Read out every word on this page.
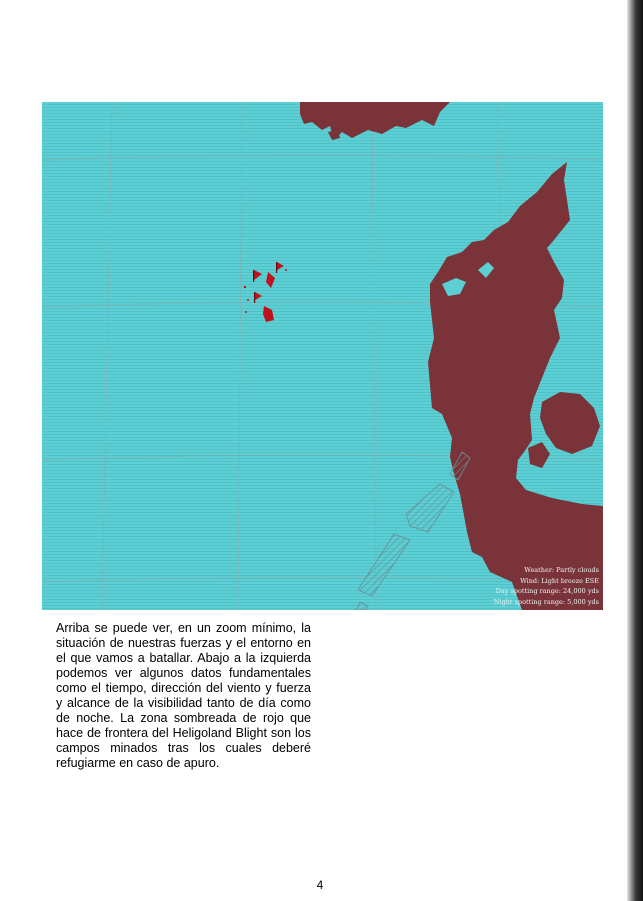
Weather: Partly clouds
Wind: Light breeze ESE
Day spotting range: 24,000 yds
Night spotting range: 5,000 yds
Arriba se puede ver, en un zoom mínimo, la situación de nuestras fuerzas y el entorno en el que vamos a batallar. Abajo a la izquierda podemos ver algunos datos fundamentales como el tiempo, dirección del viento y fuerza y alcance de la visibilidad tanto de día como de noche. La zona sombreada de rojo que hace de frontera del Heligoland Blight son los campos minados tras los cuales deberé refugiarme en caso de apuro.
4
